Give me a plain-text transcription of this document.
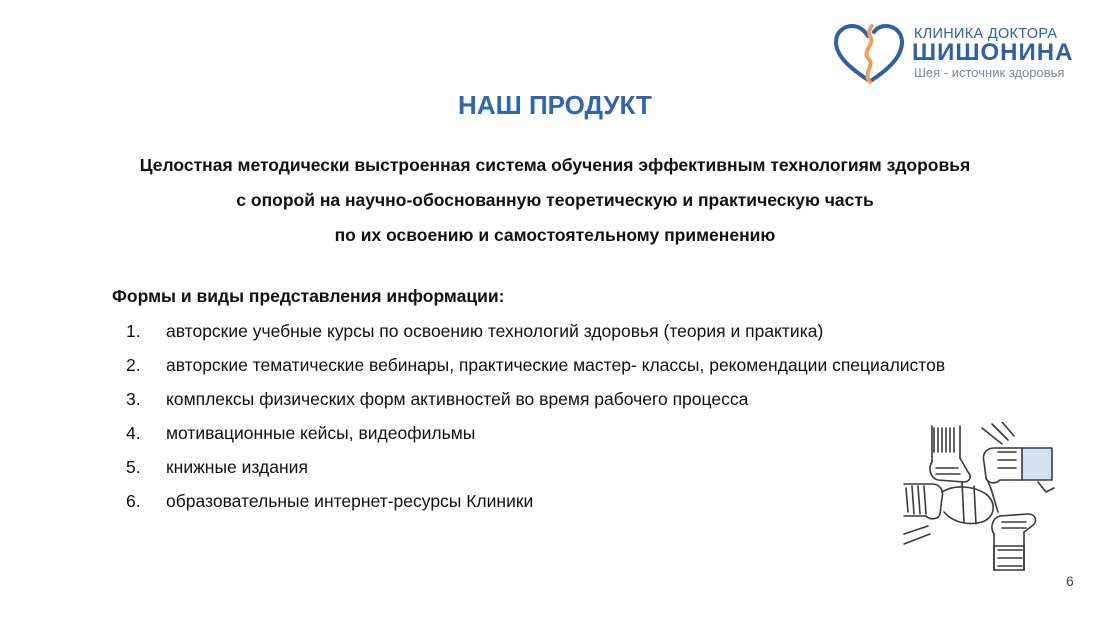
КЛИНИКА ДОКТОРА
ШИШОНИНА
Шея - источник здоровья
НАШ ПРОДУКТ
Целостная методически выстроенная система обучения эффективным технологиям здоровья
с опорой на научно-обоснованную теоретическую и практическую часть
по их освоению и самостоятельному применению
Формы и виды представления информации:
1. авторские учебные курсы по освоению технологий здоровья (теория и практика)
2. авторские тематические вебинары, практические мастер- классы, рекомендации специалистов
3. комплексы физических форм активностей во время рабочего процесса
4. мотивационные кейсы, видеофильмы
5. книжные издания
6. образовательные интернет-ресурсы Клиники
6
